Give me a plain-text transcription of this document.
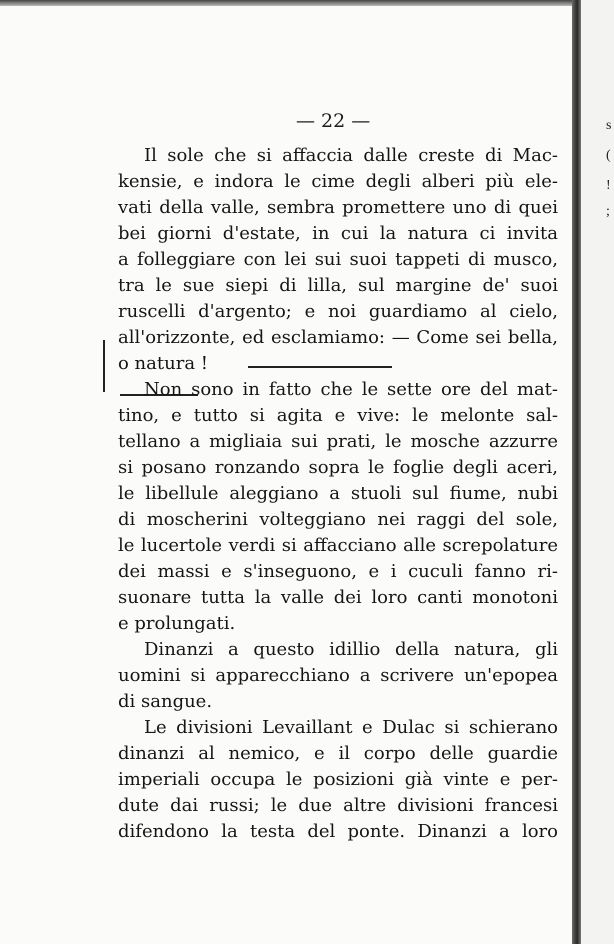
s
(
!
;
— 22 —
Il sole che si affaccia dalle creste di Mac-
kensie, e indora le cime degli alberi più ele-
vati della valle, sembra promettere uno di quei
bei giorni d'estate, in cui la natura ci invita
a folleggiare con lei sui suoi tappeti di musco,
tra le sue siepi di lilla, sul margine de' suoi
ruscelli d'argento; e noi guardiamo al cielo,
all'orizzonte, ed esclamiamo: — Come sei bella,
o natura !
Non sono in fatto che le sette ore del mat-
tino, e tutto si agita e vive: le melonte sal-
tellano a migliaia sui prati, le mosche azzurre
si posano ronzando sopra le foglie degli aceri,
le libellule aleggiano a stuoli sul fiume, nubi
di moscherini volteggiano nei raggi del sole,
le lucertole verdi si affacciano alle screpolature
dei massi e s'inseguono, e i cuculi fanno ri-
suonare tutta la valle dei loro canti monotoni
e prolungati.
Dinanzi a questo idillio della natura, gli
uomini si apparecchiano a scrivere un'epopea
di sangue.
Le divisioni Levaillant e Dulac si schierano
dinanzi al nemico, e il corpo delle guardie
imperiali occupa le posizioni già vinte e per-
dute dai russi; le due altre divisioni francesi
difendono la testa del ponte. Dinanzi a loro
